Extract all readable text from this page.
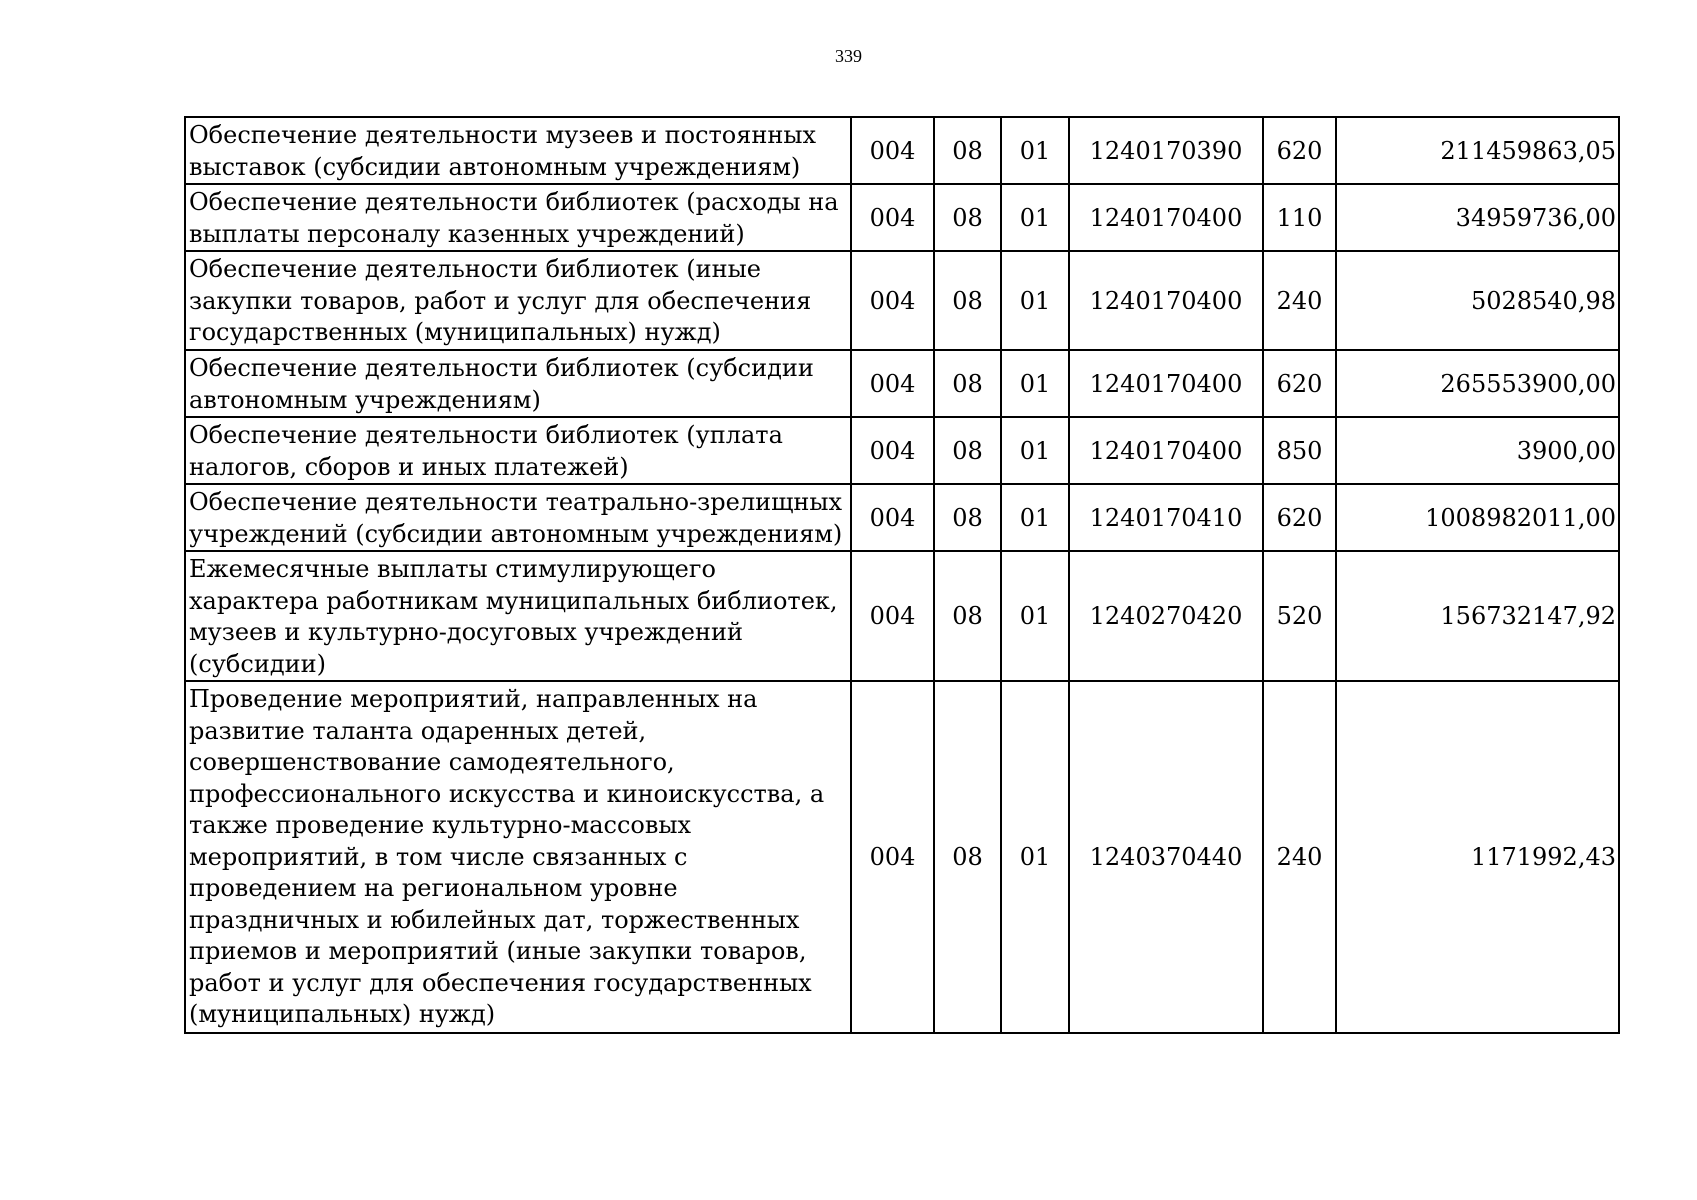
339
Обеспечение деятельности музеев и постоянных выставок (субсидии автономным учреждениям)	004	08	01	1240170390	620	211459863,05
Обеспечение деятельности библиотек (расходы на выплаты персоналу казенных учреждений)	004	08	01	1240170400	110	34959736,00
Обеспечение деятельности библиотек (иные закупки товаров, работ и услуг для обеспечения государственных (муниципальных) нужд)	004	08	01	1240170400	240	5028540,98
Обеспечение деятельности библиотек (субсидии автономным учреждениям)	004	08	01	1240170400	620	265553900,00
Обеспечение деятельности библиотек (уплата налогов, сборов и иных платежей)	004	08	01	1240170400	850	3900,00
Обеспечение деятельности театрально-зрелищных учреждений (субсидии автономным учреждениям)	004	08	01	1240170410	620	1008982011,00
Ежемесячные выплаты стимулирующего характера работникам муниципальных библиотек, музеев и культурно-досуговых учреждений (субсидии)	004	08	01	1240270420	520	156732147,92
Проведение мероприятий, направленных на развитие таланта одаренных детей, совершенствование самодеятельного, профессионального искусства и киноискусства, а также проведение культурно-массовых мероприятий, в том числе связанных с проведением на региональном уровне праздничных и юбилейных дат, торжественных приемов и мероприятий (иные закупки товаров, работ и услуг для обеспечения государственных (муниципальных) нужд)	004	08	01	1240370440	240	1171992,43
